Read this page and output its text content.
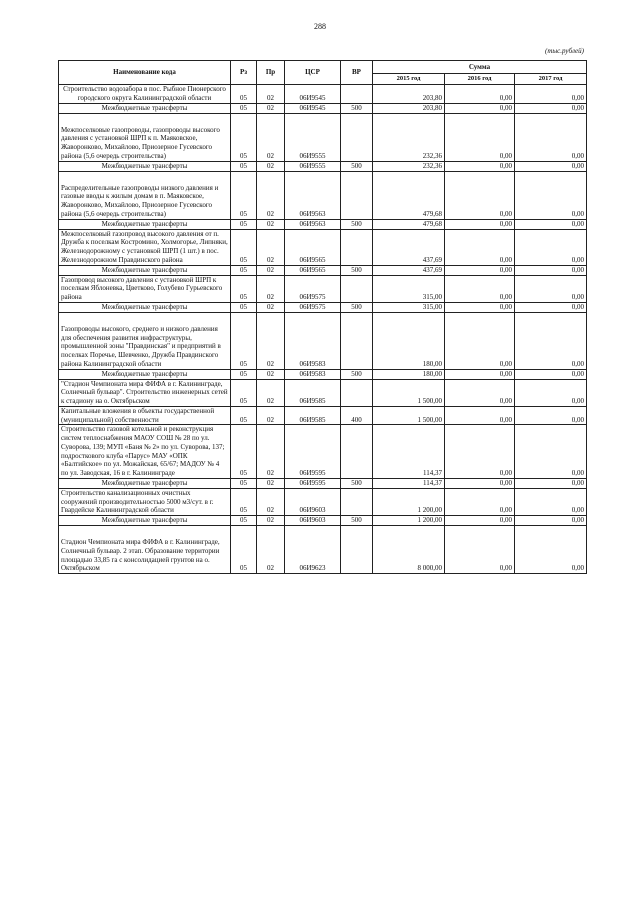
288
(тыс.рублей)
Наименование кода	Рз	Пр	ЦСР	ВР	Сумма		
					2015 год	2016 год	2017 год
Строительство водозабора в пос. Рыбное Пионерского городского округа Калининградской области	05	02	06И9545		203,80	0,00	0,00
Межбюджетные трансферты	05	02	06И9545	500	203,80	0,00	0,00
Межпоселковые газопроводы, газопроводы высокого давления с установкой ШРП к п. Маяковское, Жаворонково, Михайлово, Приозерное Гусевского района (5,6 очередь строительства)	05	02	06И9555		232,36	0,00	0,00
Межбюджетные трансферты	05	02	06И9555	500	232,36	0,00	0,00
Распределительные газопроводы низкого давления и газовые вводы к жилым домам в п. Маяковское, Жаворонково, Михайлово, Приозерное Гусевского района (5,6 очередь строительства)	05	02	06И9563		479,68	0,00	0,00
Межбюджетные трансферты	05	02	06И9563	500	479,68	0,00	0,00
Межпоселковый газопровод высокого давления от п. Дружба к поселкам Костромино, Холмогорье, Липняки, Железнодорожному с установкой ШРП (1 шт.) в пос. Железнодорожном Правдинского района	05	02	06И9565		437,69	0,00	0,00
Межбюджетные трансферты	05	02	06И9565	500	437,69	0,00	0,00
Газопровод высокого давления с установкой ШРП к поселкам Яблоневка, Цветково, Голубево Гурьевского района	05	02	06И9575		315,00	0,00	0,00
Межбюджетные трансферты	05	02	06И9575	500	315,00	0,00	0,00
Газопроводы высокого, среднего и низкого давления для обеспечения развития инфраструктуры, промышленной зоны "Правдинская" и предприятий в поселках Поречье, Шевченко, Дружба Правдинского района Калининградской области	05	02	06И9583		180,00	0,00	0,00
Межбюджетные трансферты	05	02	06И9583	500	180,00	0,00	0,00
"Стадион Чемпионата мира ФИФА в г. Калининграде, Солнечный бульвар". Строительство инженерных сетей к стадиону на о. Октябрьском	05	02	06И9585		1 500,00	0,00	0,00
Капитальные вложения в объекты государственной (муниципальной) собственности	05	02	06И9585	400	1 500,00	0,00	0,00
Строительство газовой котельной и реконструкция систем теплоснабжения МАОУ СОШ № 28 по ул. Суворова, 139; МУП «Баня № 2» по ул. Суворова, 137; подросткового клуба «Парус» МАУ «ОПК «Балтийское» по ул. Можайская, 65/67; МАДОУ № 4 по ул. Заводская, 16 в г. Калининграде	05	02	06И9595		114,37	0,00	0,00
Межбюджетные трансферты	05	02	06И9595	500	114,37	0,00	0,00
Строительство канализационных очистных сооружений производительностью 5000 м3/сут. в г. Гвардейске Калининградской области	05	02	06И9603		1 200,00	0,00	0,00
Межбюджетные трансферты	05	02	06И9603	500	1 200,00	0,00	0,00
Стадион Чемпионата мира ФИФА в г. Калининграде, Солнечный бульвар. 2 этап. Образование территории площадью 33,85 га с консолидацией грунтов на о. Октябрьском	05	02	06И9623		8 000,00	0,00	0,00
